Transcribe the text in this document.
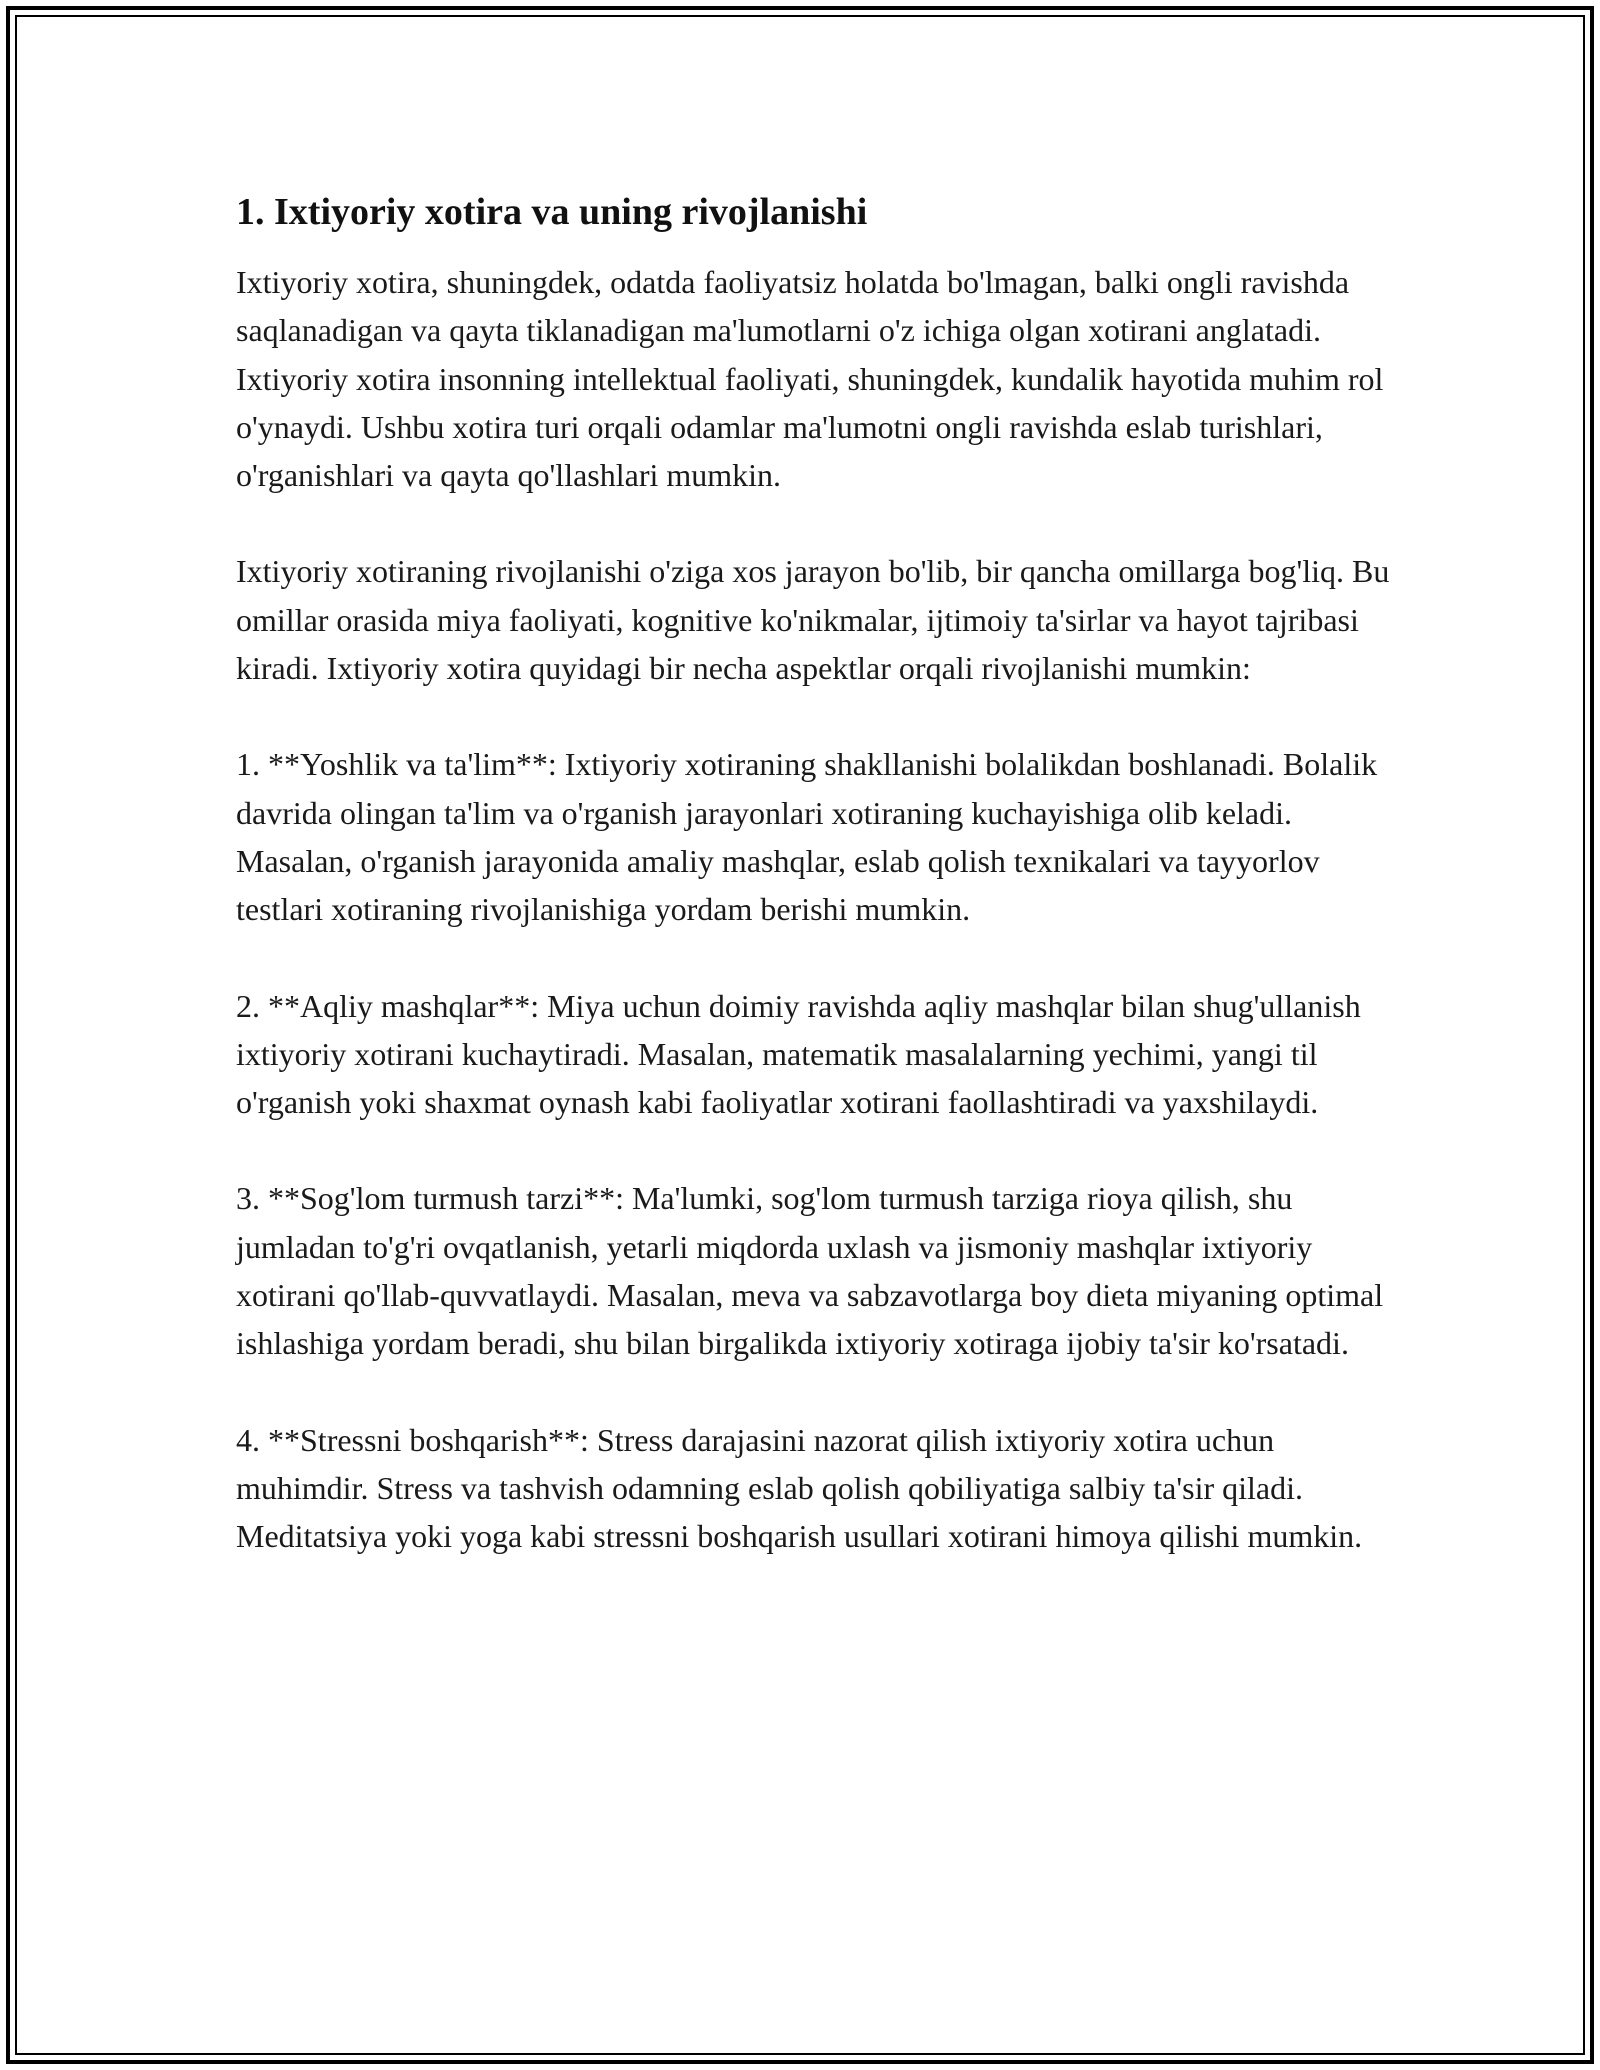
1. Ixtiyoriy xotira va uning rivojlanishi

Ixtiyoriy xotira, shuningdek, odatda faoliyatsiz holatda bo'lmagan, balki ongli ravishda saqlanadigan va qayta tiklanadigan ma'lumotlarni o'z ichiga olgan xotirani anglatadi. Ixtiyoriy xotira insonning intellektual faoliyati, shuningdek, kundalik hayotida muhim rol o'ynaydi. Ushbu xotira turi orqali odamlar ma'lumotni ongli ravishda eslab turishlari, o'rganishlari va qayta qo'llashlari mumkin.

Ixtiyoriy xotiraning rivojlanishi o'ziga xos jarayon bo'lib, bir qancha omillarga bog'liq. Bu omillar orasida miya faoliyati, kognitive ko'nikmalar, ijtimoiy ta'sirlar va hayot tajribasi kiradi. Ixtiyoriy xotira quyidagi bir necha aspektlar orqali rivojlanishi mumkin:

1. **Yoshlik va ta'lim**: Ixtiyoriy xotiraning shakllanishi bolalikdan boshlanadi. Bolalik davrida olingan ta'lim va o'rganish jarayonlari xotiraning kuchayishiga olib keladi. Masalan, o'rganish jarayonida amaliy mashqlar, eslab qolish texnikalari va tayyorlov testlari xotiraning rivojlanishiga yordam berishi mumkin.

2. **Aqliy mashqlar**: Miya uchun doimiy ravishda aqliy mashqlar bilan shug'ullanish ixtiyoriy xotirani kuchaytiradi. Masalan, matematik masalalarning yechimi, yangi til o'rganish yoki shaxmat oynash kabi faoliyatlar xotirani faollashtiradi va yaxshilaydi.

3. **Sog'lom turmush tarzi**: Ma'lumki, sog'lom turmush tarziga rioya qilish, shu jumladan to'g'ri ovqatlanish, yetarli miqdorda uxlash va jismoniy mashqlar ixtiyoriy xotirani qo'llab-quvvatlaydi. Masalan, meva va sabzavotlarga boy dieta miyaning optimal ishlashiga yordam beradi, shu bilan birgalikda ixtiyoriy xotiraga ijobiy ta'sir ko'rsatadi.

4. **Stressni boshqarish**: Stress darajasini nazorat qilish ixtiyoriy xotira uchun muhimdir. Stress va tashvish odamning eslab qolish qobiliyatiga salbiy ta'sir qiladi. Meditatsiya yoki yoga kabi stressni boshqarish usullari xotirani himoya qilishi mumkin.
